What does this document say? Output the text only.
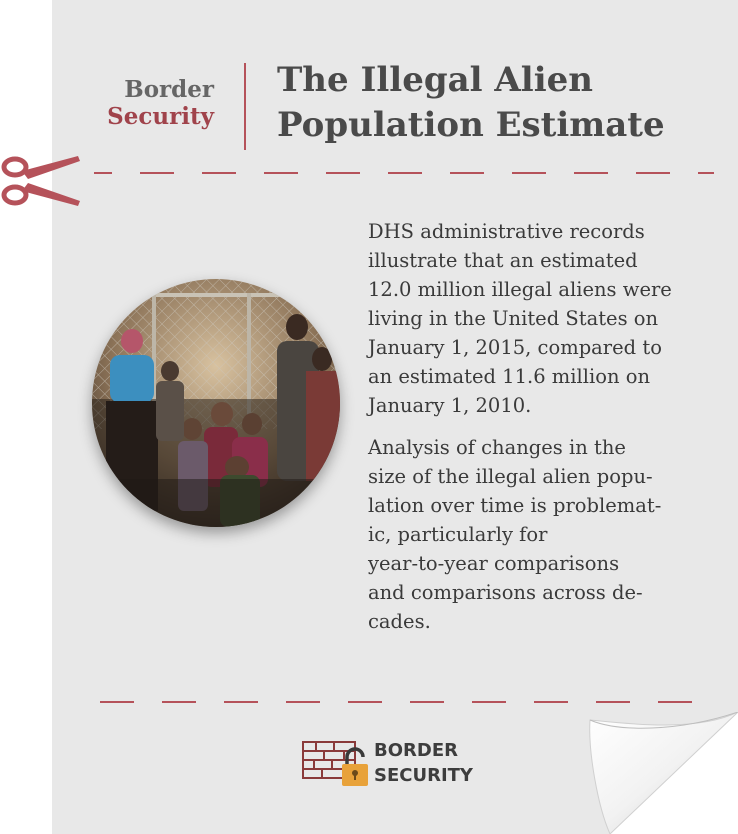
Border
Security
The Illegal Alien Population Estimate

DHS administrative records
illustrate that an estimated
12.0 million illegal aliens were
living in the United States on
January 1, 2015, compared to
an estimated 11.6 million on
January 1, 2010.

Analysis of changes in the
size of the illegal alien popu-
lation over time is problemat-
ic, particularly for
year-to-year comparisons
and comparisons across de-
cades.

BORDER
SECURITY
